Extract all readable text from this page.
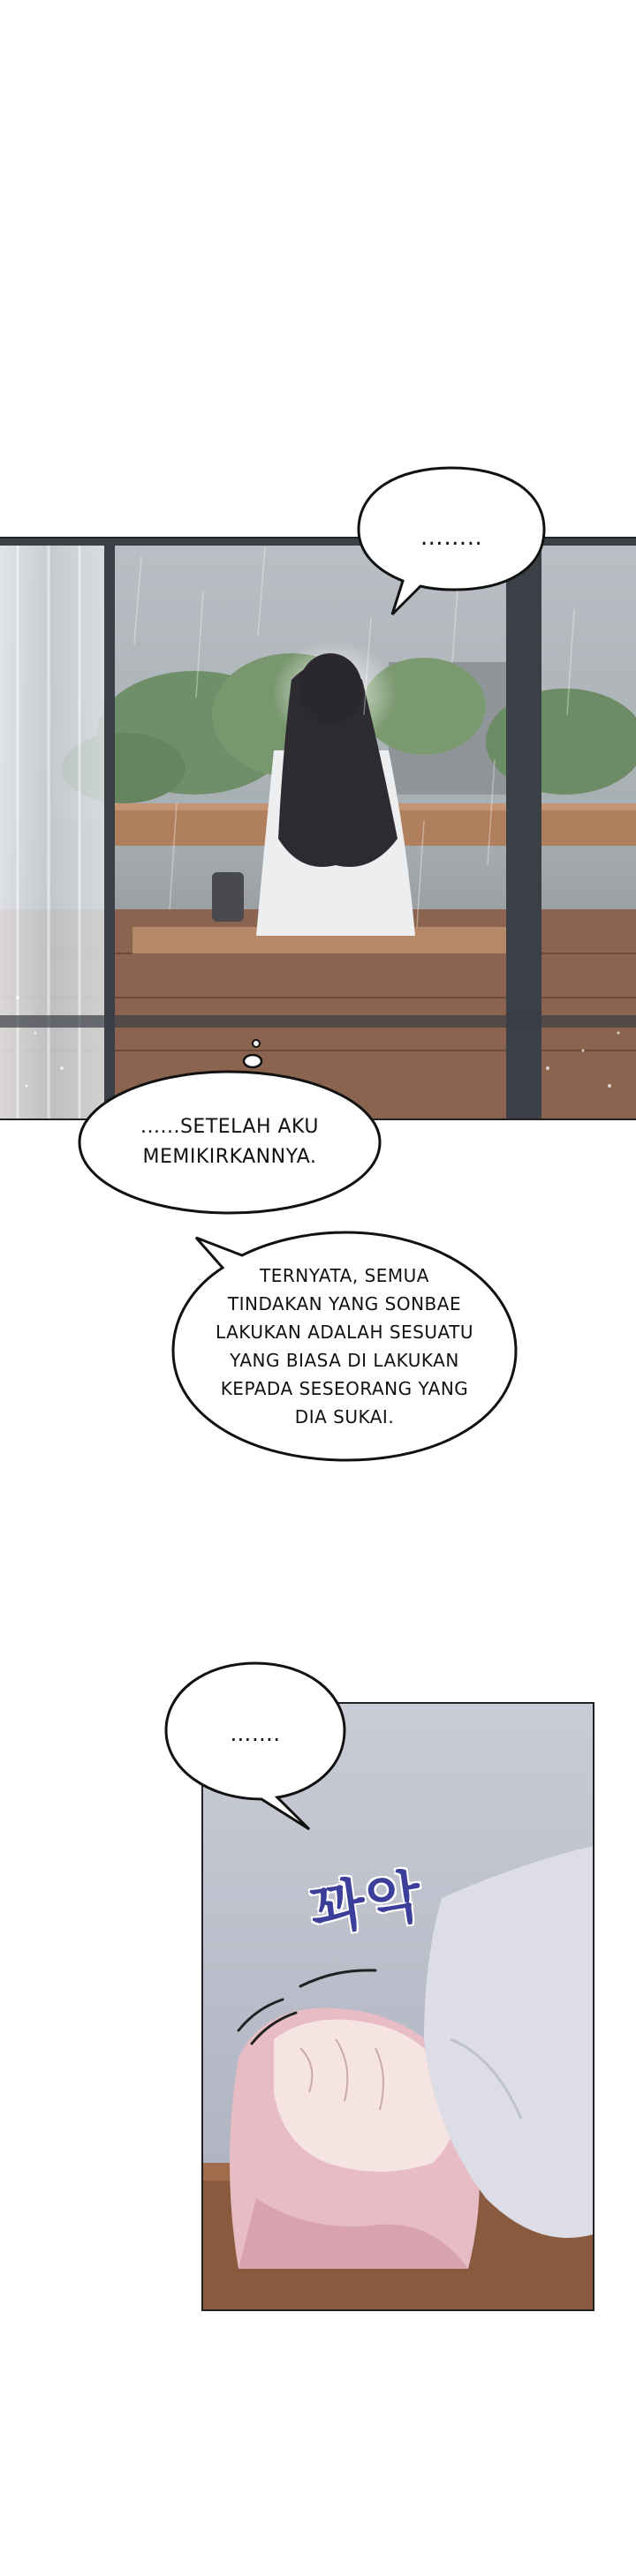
……..
......SETELAH AKU
MEMIKIRKANNYA.
TERNYATA, SEMUA
TINDAKAN YANG SONBAE
LAKUKAN ADALAH SESUATU
YANG BIASA DI LAKUKAN
KEPADA SESEORANG YANG
DIA SUKAI.
…….
꽈악
